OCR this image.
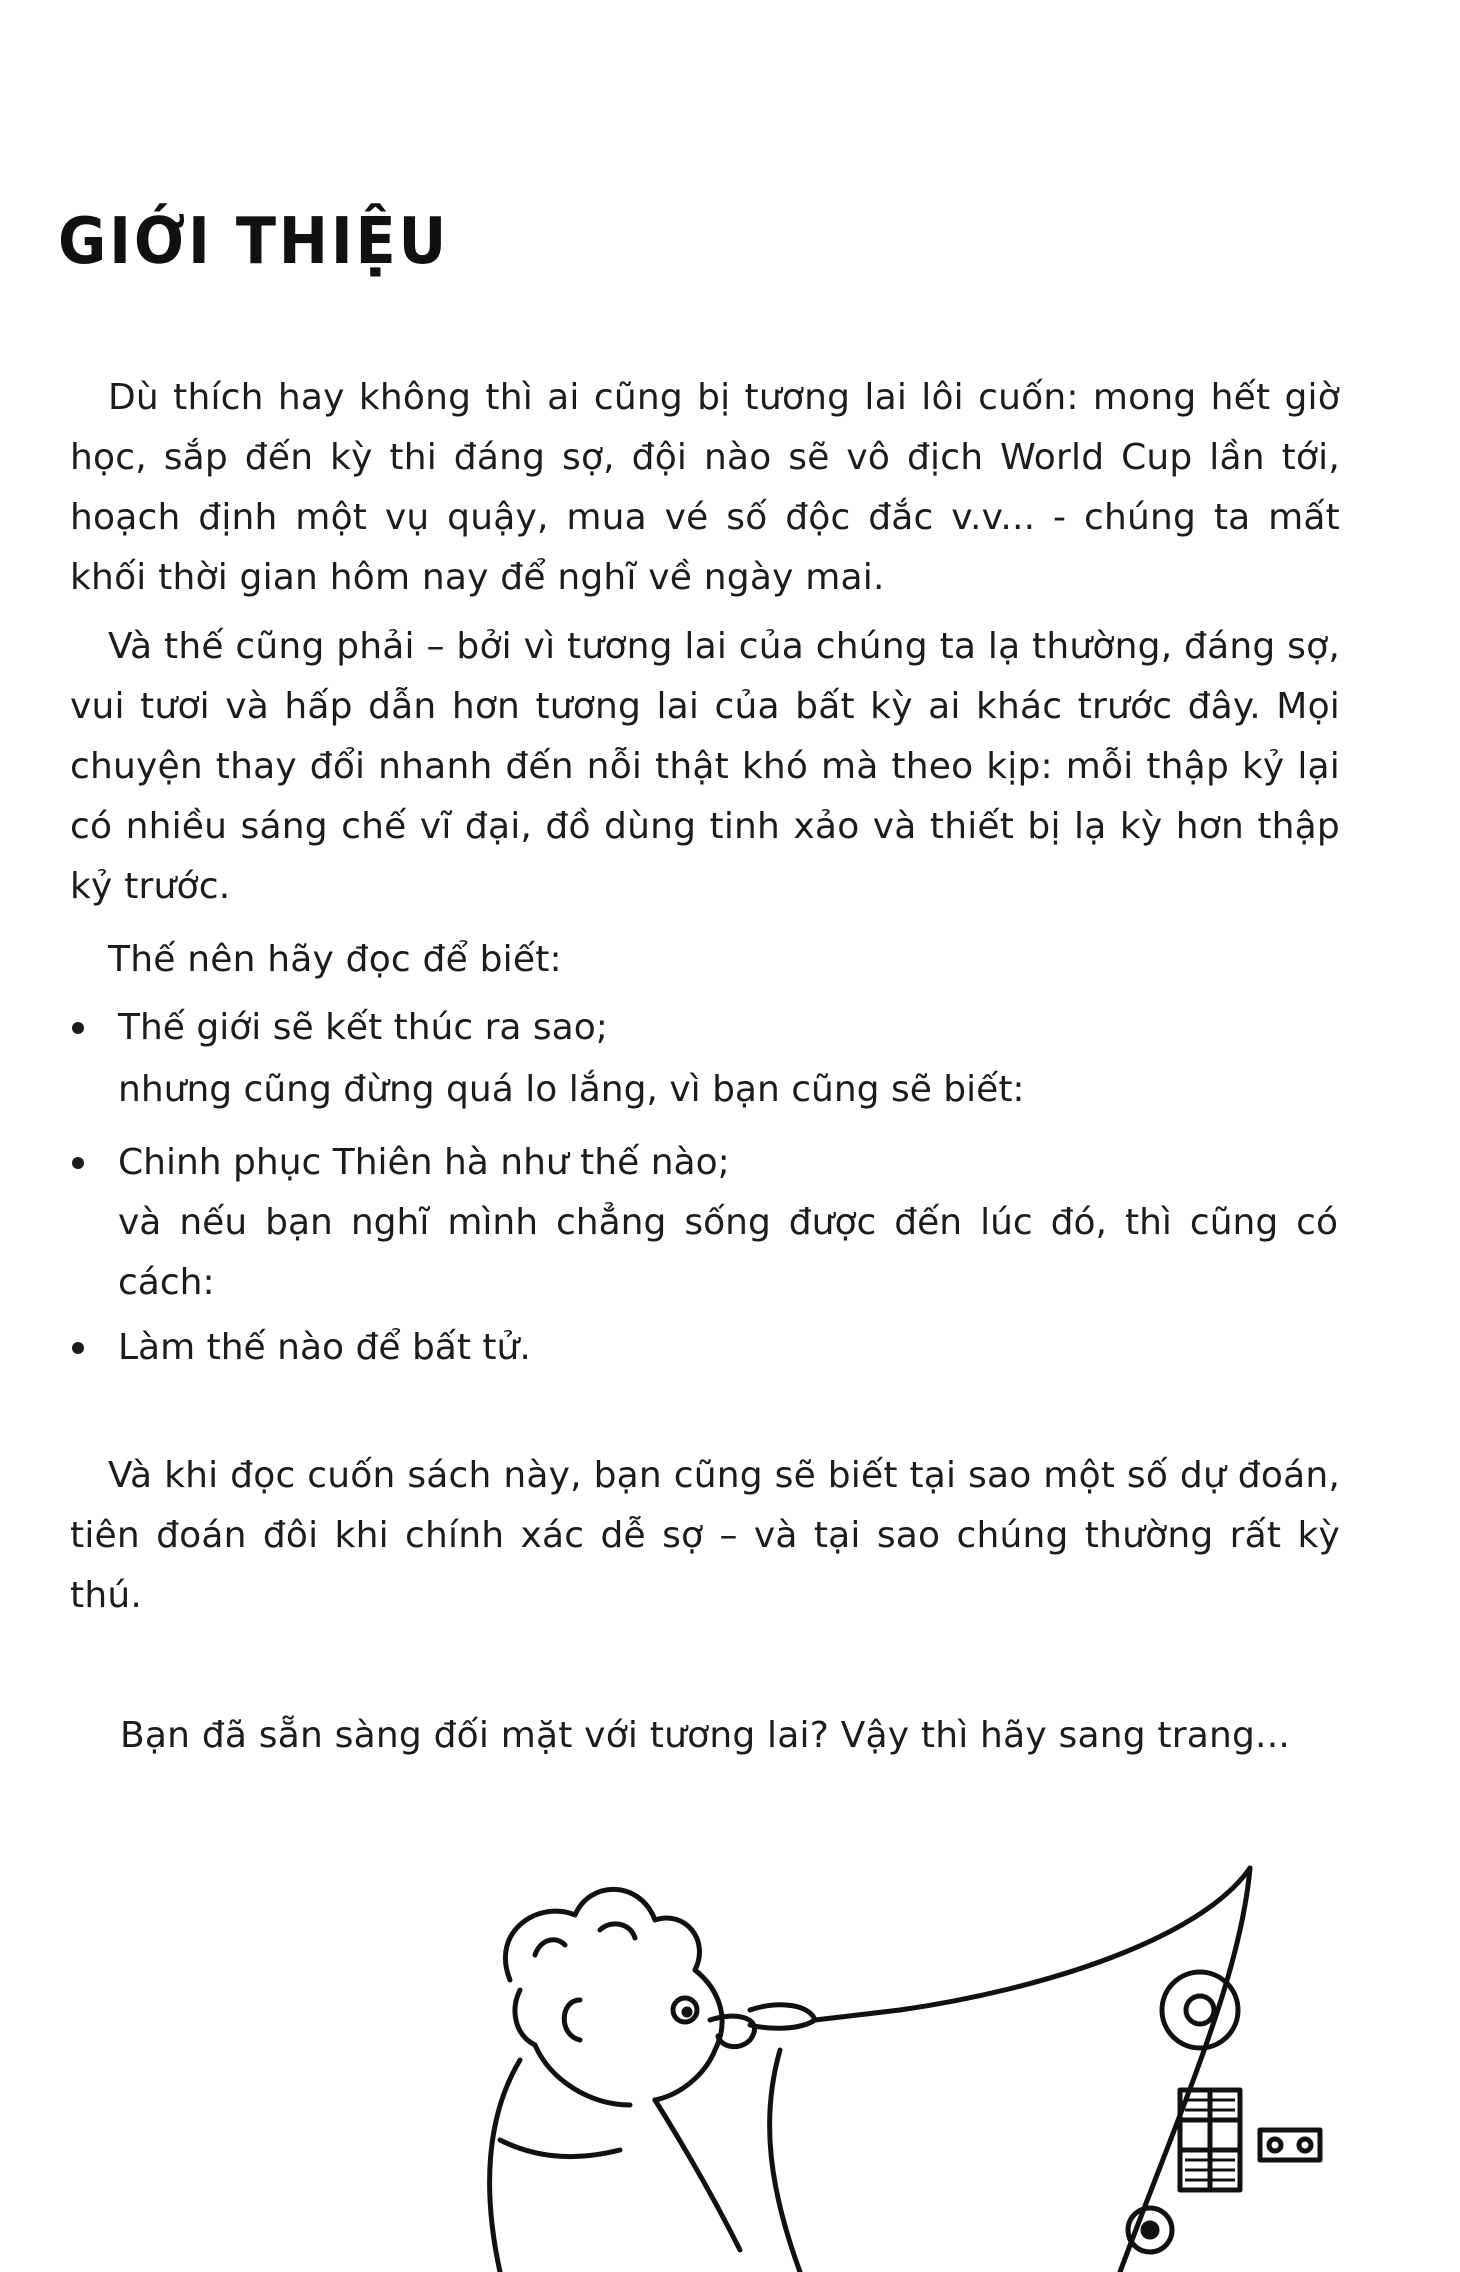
GIỚI THIỆU
Dù thích hay không thì ai cũng bị tương lai lôi cuốn: mong hết giờ học, sắp đến kỳ thi đáng sợ, đội nào sẽ vô địch World Cup lần tới, hoạch định một vụ quậy, mua vé số độc đắc v.v... - chúng ta mất khối thời gian hôm nay để nghĩ về ngày mai.
Và thế cũng phải – bởi vì tương lai của chúng ta lạ thường, đáng sợ, vui tươi và hấp dẫn hơn tương lai của bất kỳ ai khác trước đây. Mọi chuyện thay đổi nhanh đến nỗi thật khó mà theo kịp: mỗi thập kỷ lại có nhiều sáng chế vĩ đại, đồ dùng tinh xảo và thiết bị lạ kỳ hơn thập kỷ trước.
Thế nên hãy đọc để biết:
Thế giới sẽ kết thúc ra sao;
nhưng cũng đừng quá lo lắng, vì bạn cũng sẽ biết:
Chinh phục Thiên hà như thế nào;
và nếu bạn nghĩ mình chẳng sống được đến lúc đó, thì cũng có cách:
Làm thế nào để bất tử.
Và khi đọc cuốn sách này, bạn cũng sẽ biết tại sao một số dự đoán, tiên đoán đôi khi chính xác dễ sợ – và tại sao chúng thường rất kỳ thú.
Bạn đã sẵn sàng đối mặt với tương lai? Vậy thì hãy sang trang...
